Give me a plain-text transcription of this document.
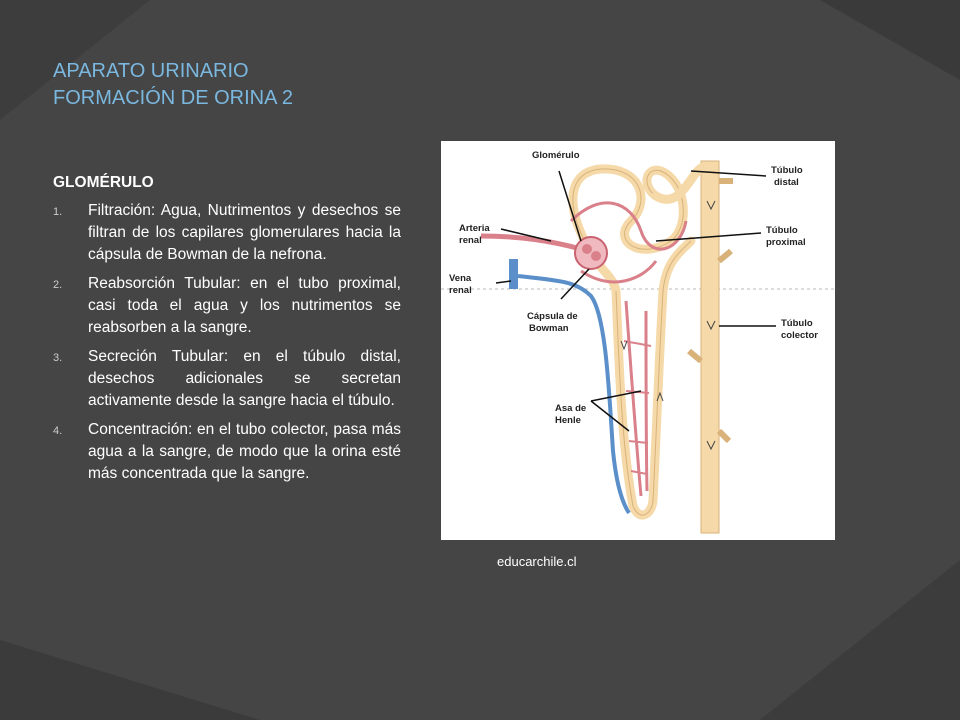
APARATO URINARIO
FORMACIÓN DE ORINA 2
GLOMÉRULO
1. Filtración: Agua, Nutrimentos y desechos se filtran de los capilares glomerulares hacia la cápsula de Bowman de la nefrona.
2. Reabsorción Tubular: en el tubo proximal, casi toda el agua y los nutrimentos se reabsorben a la sangre.
3. Secreción Tubular: en el túbulo distal, desechos adicionales se secretan activamente desde la sangre hacia el túbulo.
4. Concentración: en el tubo colector, pasa más agua a la sangre, de modo que la orina esté más concentrada que la sangre.
Glomérulo
Túbulo
distal
Arteria
renal
Túbulo
proximal
Vena
renal
Cápsula de
Bowman	Túbulo
colector
Asa de
Henle
educarchile.cl
